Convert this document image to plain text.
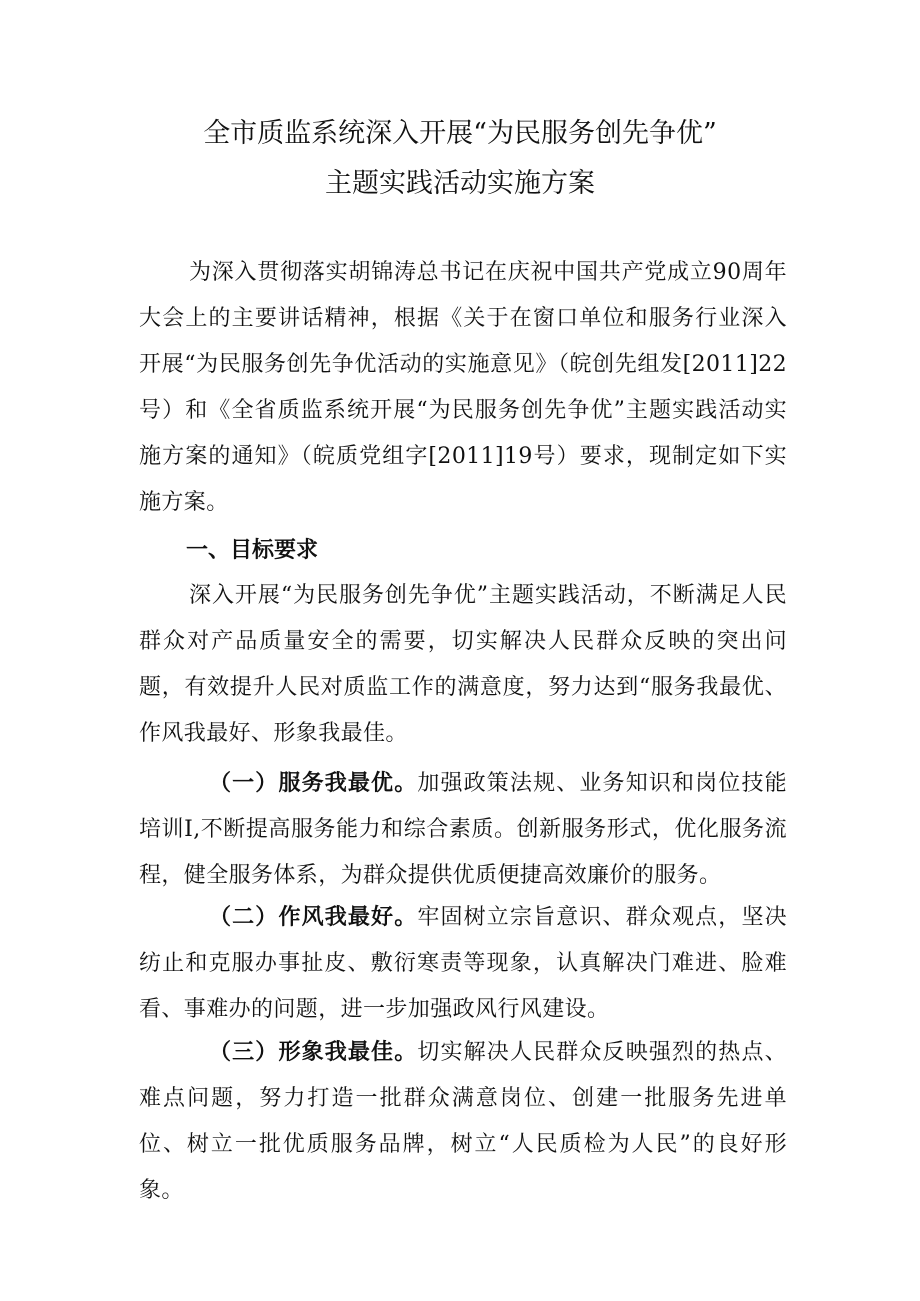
全市质监系统深入开展“为民服务创先争优”
主题实践活动实施方案
为深入贯彻落实胡锦涛总书记在庆祝中国共产党成立90周年大会上的主要讲话精神，根据《关于在窗口单位和服务行业深入开展“为民服务创先争优活动的实施意见》（皖创先组发[2011]22号）和《全省质监系统开展“为民服务创先争优”主题实践活动实施方案的通知》（皖质党组字[2011]19号）要求，现制定如下实施方案。
一、目标要求
深入开展“为民服务创先争优”主题实践活动，不断满足人民群众对产品质量安全的需要，切实解决人民群众反映的突出问题，有效提升人民对质监工作的满意度，努力达到“服务我最优、作风我最好、形象我最佳。
（一）服务我最优。加强政策法规、业务知识和岗位技能培训I,不断提高服务能力和综合素质。创新服务形式，优化服务流程，健全服务体系，为群众提供优质便捷高效廉价的服务。
（二）作风我最好。牢固树立宗旨意识、群众观点，坚决纺止和克服办事扯皮、敷衍寒责等现象，认真解决门难进、脸难看、事难办的问题，进一步加强政风行风建设。
（三）形象我最佳。切实解决人民群众反映强烈的热点、难点问题，努力打造一批群众满意岗位、创建一批服务先进单位、树立一批优质服务品牌，树立“人民质检为人民”的良好形象。
